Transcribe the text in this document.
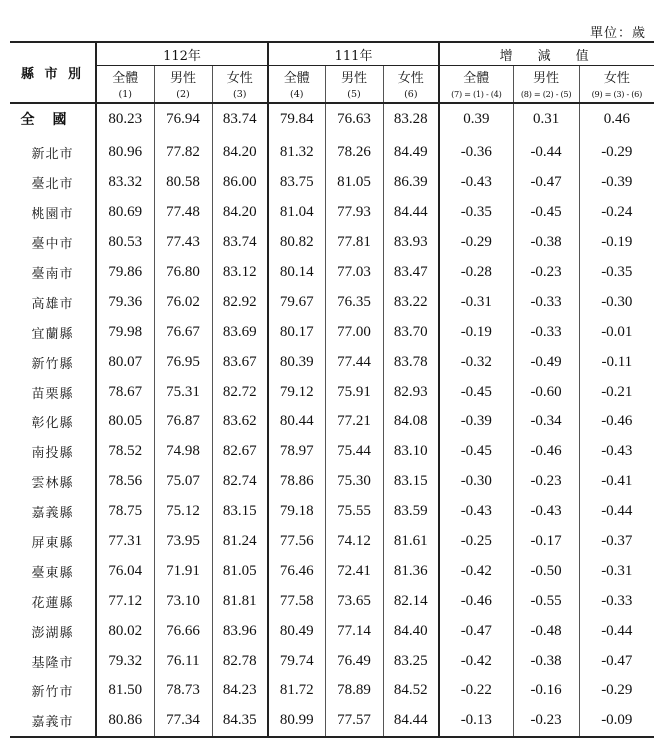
單位：歲
縣 市 別	112年			111年			增　減　值		
	全體	男性	女性	全體	男性	女性	全體	男性	女性
	(1)	(2)	(3)	(4)	(5)	(6)	(7) = (1) - (4)	(8) = (2) - (5)	(9) = (3) - (6)
全國	80.23	76.94	83.74	79.84	76.63	83.28	0.39	0.31	0.46

新北市	80.96	77.82	84.20	81.32	78.26	84.49	-0.36	-0.44	-0.29
臺北市	83.32	80.58	86.00	83.75	81.05	86.39	-0.43	-0.47	-0.39
桃園市	80.69	77.48	84.20	81.04	77.93	84.44	-0.35	-0.45	-0.24
臺中市	80.53	77.43	83.74	80.82	77.81	83.93	-0.29	-0.38	-0.19
臺南市	79.86	76.80	83.12	80.14	77.03	83.47	-0.28	-0.23	-0.35
高雄市	79.36	76.02	82.92	79.67	76.35	83.22	-0.31	-0.33	-0.30
宜蘭縣	79.98	76.67	83.69	80.17	77.00	83.70	-0.19	-0.33	-0.01
新竹縣	80.07	76.95	83.67	80.39	77.44	83.78	-0.32	-0.49	-0.11
苗栗縣	78.67	75.31	82.72	79.12	75.91	82.93	-0.45	-0.60	-0.21
彰化縣	80.05	76.87	83.62	80.44	77.21	84.08	-0.39	-0.34	-0.46
南投縣	78.52	74.98	82.67	78.97	75.44	83.10	-0.45	-0.46	-0.43
雲林縣	78.56	75.07	82.74	78.86	75.30	83.15	-0.30	-0.23	-0.41
嘉義縣	78.75	75.12	83.15	79.18	75.55	83.59	-0.43	-0.43	-0.44
屏東縣	77.31	73.95	81.24	77.56	74.12	81.61	-0.25	-0.17	-0.37
臺東縣	76.04	71.91	81.05	76.46	72.41	81.36	-0.42	-0.50	-0.31
花蓮縣	77.12	73.10	81.81	77.58	73.65	82.14	-0.46	-0.55	-0.33
澎湖縣	80.02	76.66	83.96	80.49	77.14	84.40	-0.47	-0.48	-0.44
基隆市	79.32	76.11	82.78	79.74	76.49	83.25	-0.42	-0.38	-0.47
新竹市	81.50	78.73	84.23	81.72	78.89	84.52	-0.22	-0.16	-0.29
嘉義市	80.86	77.34	84.35	80.99	77.57	84.44	-0.13	-0.23	-0.09
